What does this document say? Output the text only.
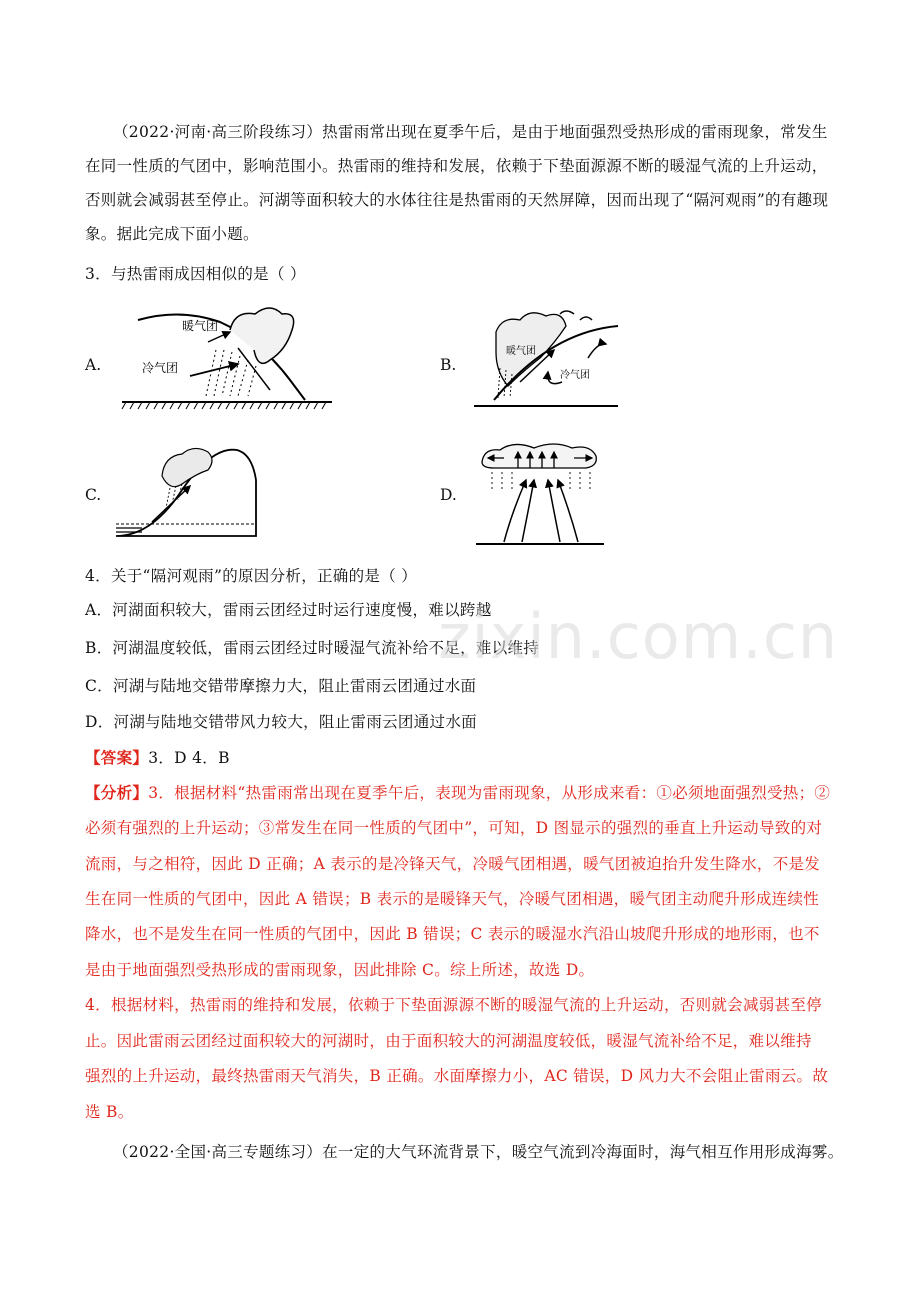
（2022·河南·高三阶段练习）热雷雨常出现在夏季午后，是由于地面强烈受热形成的雷雨现象，常发生
在同一性质的气团中，影响范围小。热雷雨的维持和发展，依赖于下垫面源源不断的暖湿气流的上升运动，
否则就会减弱甚至停止。河湖等面积较大的水体往往是热雷雨的天然屏障，因而出现了“隔河观雨”的有趣现
象。据此完成下面小题。
3．与热雷雨成因相似的是（ ）
A.
暖气团
冷气团	B.
暖气团
冷气团
C.	D.
4．关于“隔河观雨”的原因分析，正确的是（ ）
A．河湖面积较大，雷雨云团经过时运行速度慢，难以跨越
B．河湖温度较低，雷雨云团经过时暖湿气流补给不足，难以维持
C．河湖与陆地交错带摩擦力大，阻止雷雨云团通过水面
D．河湖与陆地交错带风力较大，阻止雷雨云团通过水面
zixin.com.cn
【答案】3．D 4．B
【分析】3．根据材料“热雷雨常出现在夏季午后，表现为雷雨现象，从形成来看：①必须地面强烈受热；②
必须有强烈的上升运动；③常发生在同一性质的气团中”，可知，D 图显示的强烈的垂直上升运动导致的对
流雨，与之相符，因此 D 正确；A 表示的是冷锋天气，冷暖气团相遇，暖气团被迫抬升发生降水，不是发
生在同一性质的气团中，因此 A 错误；B 表示的是暖锋天气，冷暖气团相遇，暖气团主动爬升形成连续性
降水，也不是发生在同一性质的气团中，因此 B 错误；C 表示的暖湿水汽沿山坡爬升形成的地形雨，也不
是由于地面强烈受热形成的雷雨现象，因此排除 C。综上所述，故选 D。
4．根据材料，热雷雨的维持和发展，依赖于下垫面源源不断的暖湿气流的上升运动，否则就会减弱甚至停
止。因此雷雨云团经过面积较大的河湖时，由于面积较大的河湖温度较低，暖湿气流补给不足，难以维持
强烈的上升运动，最终热雷雨天气消失，B 正确。水面摩擦力小，AC 错误，D 风力大不会阻止雷雨云。故
选 B。
（2022·全国·高三专题练习）在一定的大气环流背景下，暖空气流到冷海面时，海气相互作用形成海雾。
